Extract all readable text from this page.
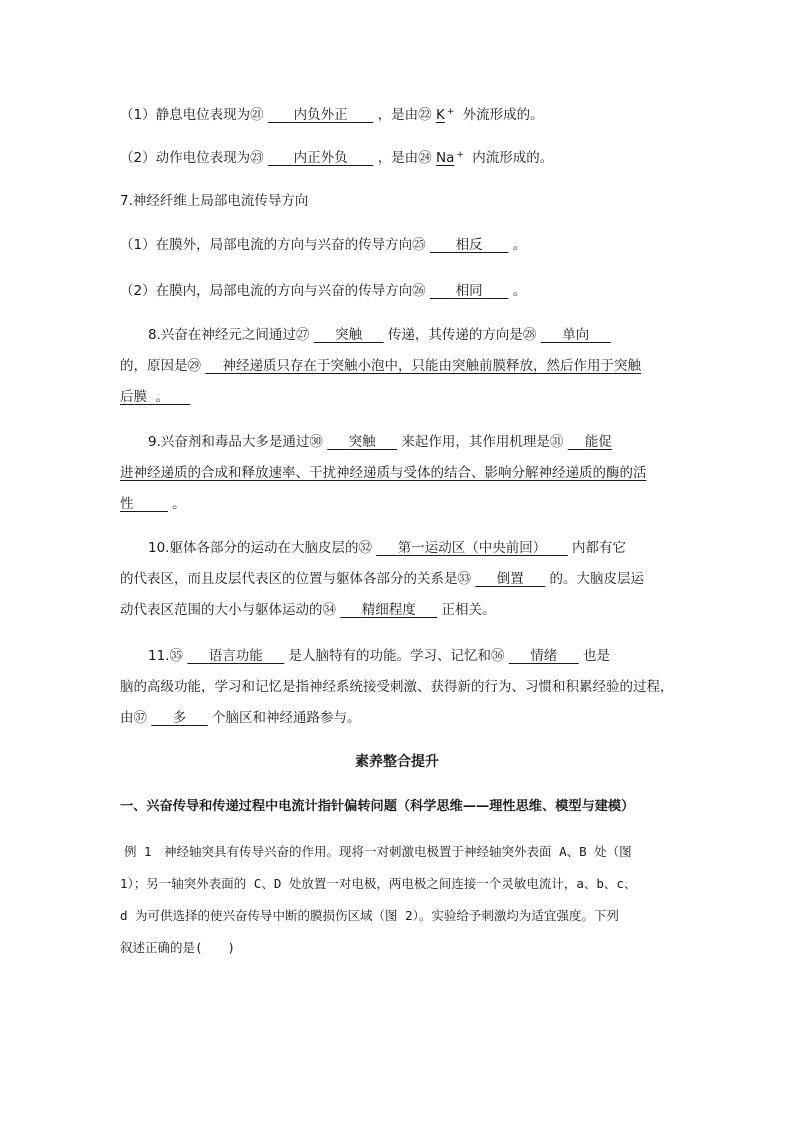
（1）静息电位表现为㉑ 内负外正 ，是由㉒ K + 外流形成的。
（2）动作电位表现为㉓ 内正外负 ，是由㉔ Na + 内流形成的。
7.神经纤维上局部电流传导方向
（1）在膜外，局部电流的方向与兴奋的传导方向㉕ 相反 。
（2）在膜内，局部电流的方向与兴奋的传导方向㉖ 相同 。
8.兴奋在神经元之间通过㉗ 突触 传递，其传递的方向是㉘ 单向
的，原因是㉙ 神经递质只存在于突触小泡中，只能由突触前膜释放，然后作用于突触
后膜 。
9.兴奋剂和毒品大多是通过㉚ 突触 来起作用，其作用机理是㉛ 能促
进神经递质的合成和释放速率、干扰神经递质与受体的结合、影响分解神经递质的酶的活
性	。
10.躯体各部分的运动在大脑皮层的㉜ 第一运动区（中央前回） 内都有它
的代表区，而且皮层代表区的位置与躯体各部分的关系是㉝ 倒置 的。大脑皮层运
动代表区范围的大小与躯体运动的㉞ 精细程度 正相关。
11.㉟ 语言功能 是人脑特有的功能。学习、记忆和㊱ 情绪 也是
脑的高级功能，学习和记忆是指神经系统接受刺激、获得新的行为、习惯和积累经验的过程，
由㊲ 多 个脑区和神经通路参与。
素养整合提升
一、兴奋传导和传递过程中电流计指针偏转问题（科学思维——理性思维、模型与建模）
例 1　神经轴突具有传导兴奋的作用。现将一对刺激电极置于神经轴突外表面 A、B 处（图
1）；另一轴突外表面的 C、D 处放置一对电极，两电极之间连接一个灵敏电流计，a、b、c、
d 为可供选择的使兴奋传导中断的膜损伤区域（图 2）。实验给予刺激均为适宜强度。下列
叙述正确的是(　　)
